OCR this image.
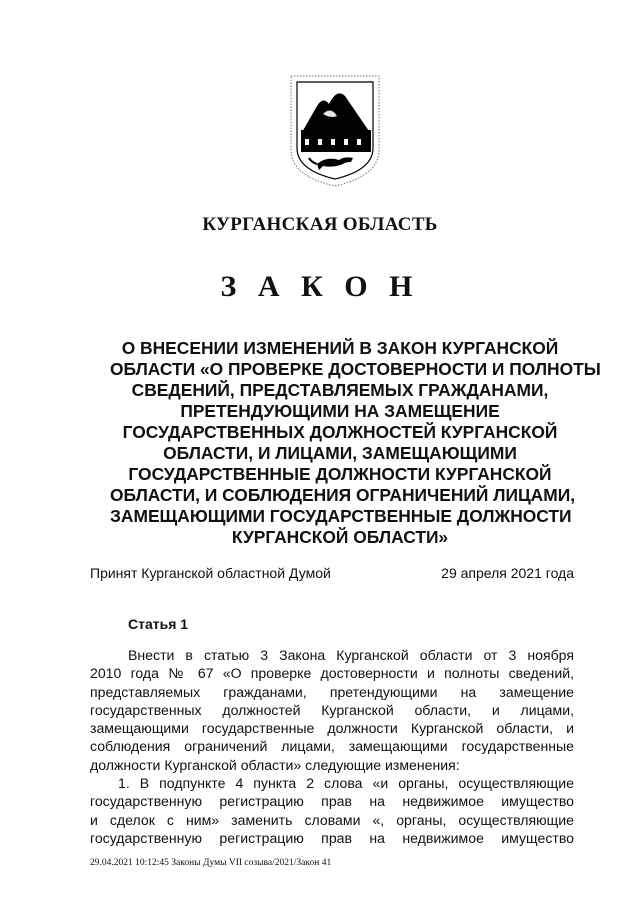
КУРГАНСКАЯ ОБЛАСТЬ
З А К О Н
О ВНЕСЕНИИ ИЗМЕНЕНИЙ В ЗАКОН КУРГАНСКОЙ
ОБЛАСТИ «О ПРОВЕРКЕ ДОСТОВЕРНОСТИ И ПОЛНОТЫ
СВЕДЕНИЙ, ПРЕДСТАВЛЯЕМЫХ ГРАЖДАНАМИ,
ПРЕТЕНДУЮЩИМИ НА ЗАМЕЩЕНИЕ
ГОСУДАРСТВЕННЫХ ДОЛЖНОСТЕЙ КУРГАНСКОЙ
ОБЛАСТИ, И ЛИЦАМИ, ЗАМЕЩАЮЩИМИ
ГОСУДАРСТВЕННЫЕ ДОЛЖНОСТИ КУРГАНСКОЙ
ОБЛАСТИ, И СОБЛЮДЕНИЯ ОГРАНИЧЕНИЙ ЛИЦАМИ,
ЗАМЕЩАЮЩИМИ ГОСУДАРСТВЕННЫЕ ДОЛЖНОСТИ
КУРГАНСКОЙ ОБЛАСТИ»
Принят Курганской областной Думой	29 апреля 2021 года
Статья 1
Внести в статью 3 Закона Курганской области от 3 ноября
2010 года № 67 «О проверке достоверности и полноты сведений,
представляемых гражданами, претендующими на замещение
государственных должностей Курганской области, и лицами,
замещающими государственные должности Курганской области, и
соблюдения ограничений лицами, замещающими государственные
должности Курганской области» следующие изменения:
1. В подпункте 4 пункта 2 слова «и органы, осуществляющие
государственную регистрацию прав на недвижимое имущество
и сделок с ним» заменить словами «, органы, осуществляющие
государственную регистрацию прав на недвижимое имущество
29.04.2021 10:12:45 Законы Думы VII созыва/2021/Закон 41
